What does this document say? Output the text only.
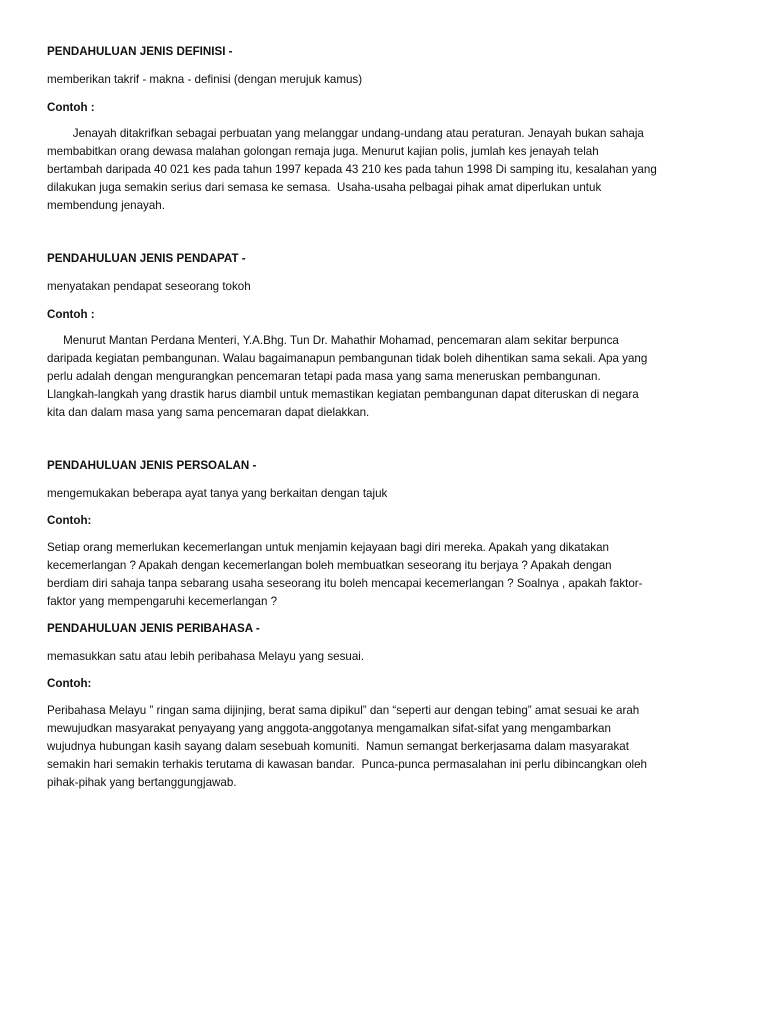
PENDAHULUAN JENIS DEFINISI -

memberikan takrif - makna - definisi (dengan merujuk kamus)

Contoh :

Jenayah ditakrifkan sebagai perbuatan yang melanggar undang-undang atau peraturan. Jenayah bukan sahaja
membabitkan orang dewasa malahan golongan remaja juga. Menurut kajian polis, jumlah kes jenayah telah
bertambah daripada 40 021 kes pada tahun 1997 kepada 43 210 kes pada tahun 1998 Di samping itu, kesalahan yang
dilakukan juga semakin serius dari semasa ke semasa.  Usaha-usaha pelbagai pihak amat diperlukan untuk
membendung jenayah.

PENDAHULUAN JENIS PENDAPAT -

menyatakan pendapat seseorang tokoh

Contoh :

Menurut Mantan Perdana Menteri, Y.A.Bhg. Tun Dr. Mahathir Mohamad, pencemaran alam sekitar berpunca
daripada kegiatan pembangunan. Walau bagaimanapun pembangunan tidak boleh dihentikan sama sekali. Apa yang
perlu adalah dengan mengurangkan pencemaran tetapi pada masa yang sama meneruskan pembangunan.
Llangkah-langkah yang drastik harus diambil untuk memastikan kegiatan pembangunan dapat diteruskan di negara
kita dan dalam masa yang sama pencemaran dapat dielakkan.

PENDAHULUAN JENIS PERSOALAN -

mengemukakan beberapa ayat tanya yang berkaitan dengan tajuk

Contoh:

Setiap orang memerlukan kecemerlangan untuk menjamin kejayaan bagi diri mereka. Apakah yang dikatakan
kecemerlangan ? Apakah dengan kecemerlangan boleh membuatkan seseorang itu berjaya ? Apakah dengan
berdiam diri sahaja tanpa sebarang usaha seseorang itu boleh mencapai kecemerlangan ? Soalnya , apakah faktor-
faktor yang mempengaruhi kecemerlangan ?

PENDAHULUAN JENIS PERIBAHASA -

memasukkan satu atau lebih peribahasa Melayu yang sesuai.

Contoh:

Peribahasa Melayu ” ringan sama dijinjing, berat sama dipikul” dan “seperti aur dengan tebing” amat sesuai ke arah
mewujudkan masyarakat penyayang yang anggota-anggotanya mengamalkan sifat-sifat yang mengambarkan
wujudnya hubungan kasih sayang dalam sesebuah komuniti.  Namun semangat berkerjasama dalam masyarakat
semakin hari semakin terhakis terutama di kawasan bandar.  Punca-punca permasalahan ini perlu dibincangkan oleh
pihak-pihak yang bertanggungjawab.
